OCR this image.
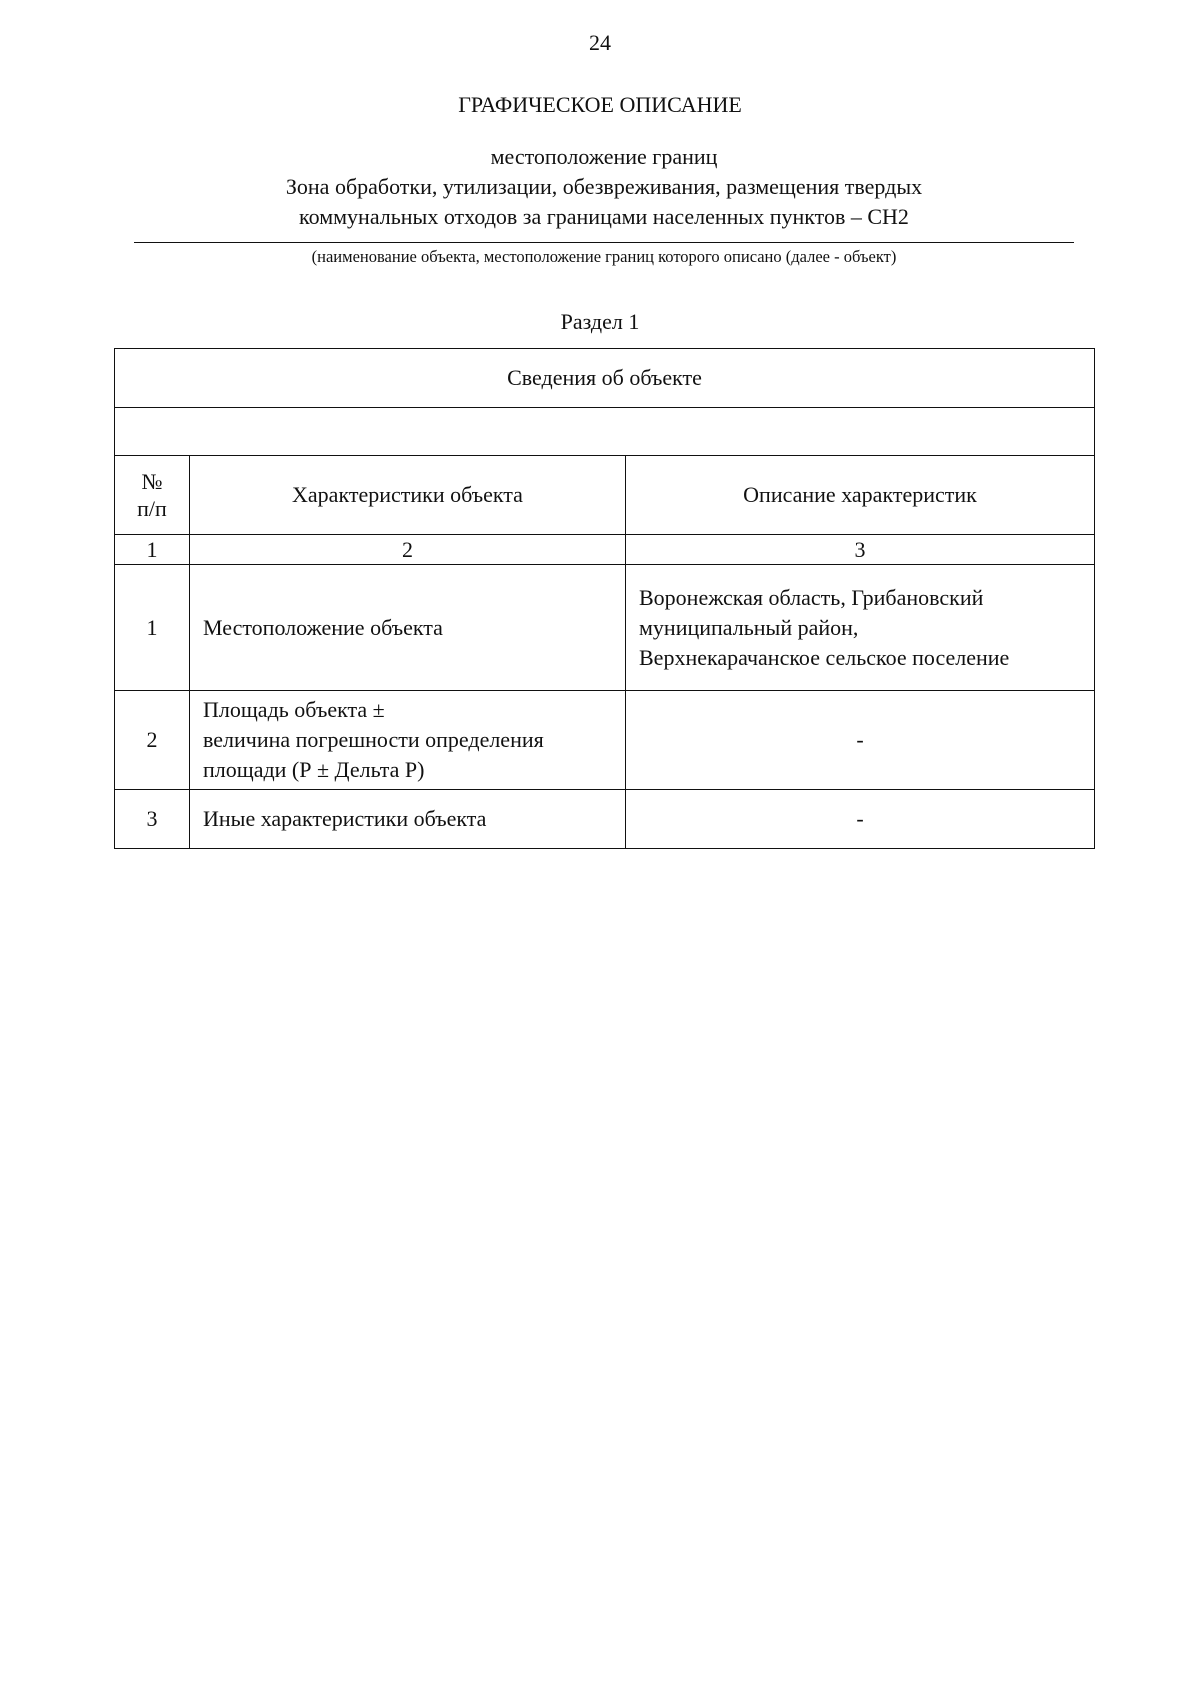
24
ГРАФИЧЕСКОЕ ОПИСАНИЕ
местоположение границ
Зона обработки, утилизации, обезвреживания, размещения твердых
коммунальных отходов за границами населенных пунктов – СН2
(наименование объекта, местоположение границ которого описано (далее - объект)
Раздел 1
Сведения об объекте		

№
п/п	Характеристики объекта	Описание характеристик
1	2	3
1	Местоположение объекта	Воронежская область, Грибановский
муниципальный район,
Верхнекарачанское сельское поселение

2	Площадь объекта ±
величина погрешности определения
площади (Р ± Дельта Р)	-
3	Иные характеристики объекта	-
